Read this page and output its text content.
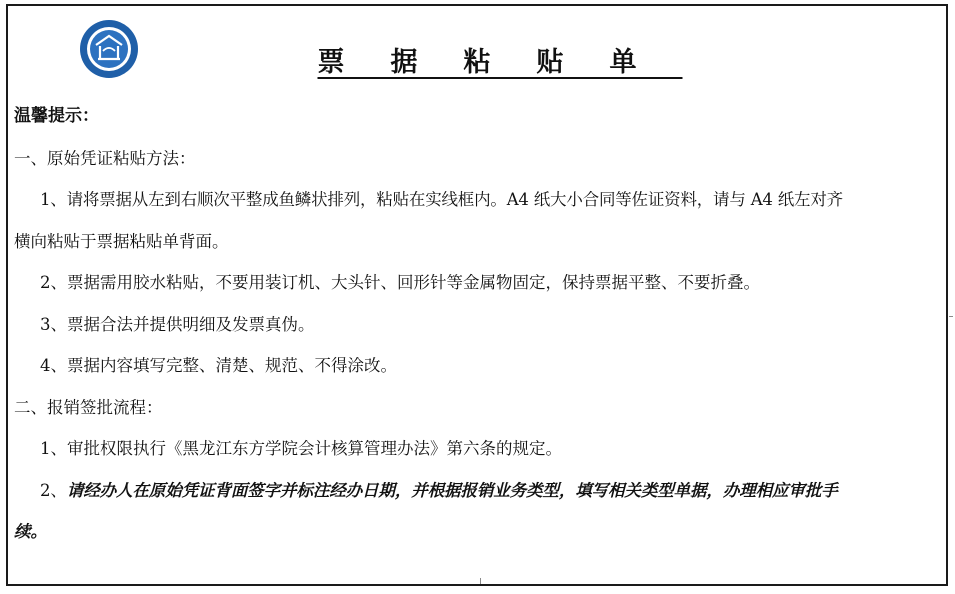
票据粘贴单
温馨提示：
一、原始凭证粘贴方法：
1、请将票据从左到右顺次平整成鱼鳞状排列，粘贴在实线框内。A4 纸大小合同等佐证资料，请与 A4 纸左对齐
横向粘贴于票据粘贴单背面。
2、票据需用胶水粘贴，不要用装订机、大头针、回形针等金属物固定，保持票据平整、不要折叠。
3、票据合法并提供明细及发票真伪。
4、票据内容填写完整、清楚、规范、不得涂改。
二、报销签批流程：
1、审批权限执行《黑龙江东方学院会计核算管理办法》第六条的规定。
2、请经办人在原始凭证背面签字并标注经办日期，并根据报销业务类型，填写相关类型单据，办理相应审批手
续。
